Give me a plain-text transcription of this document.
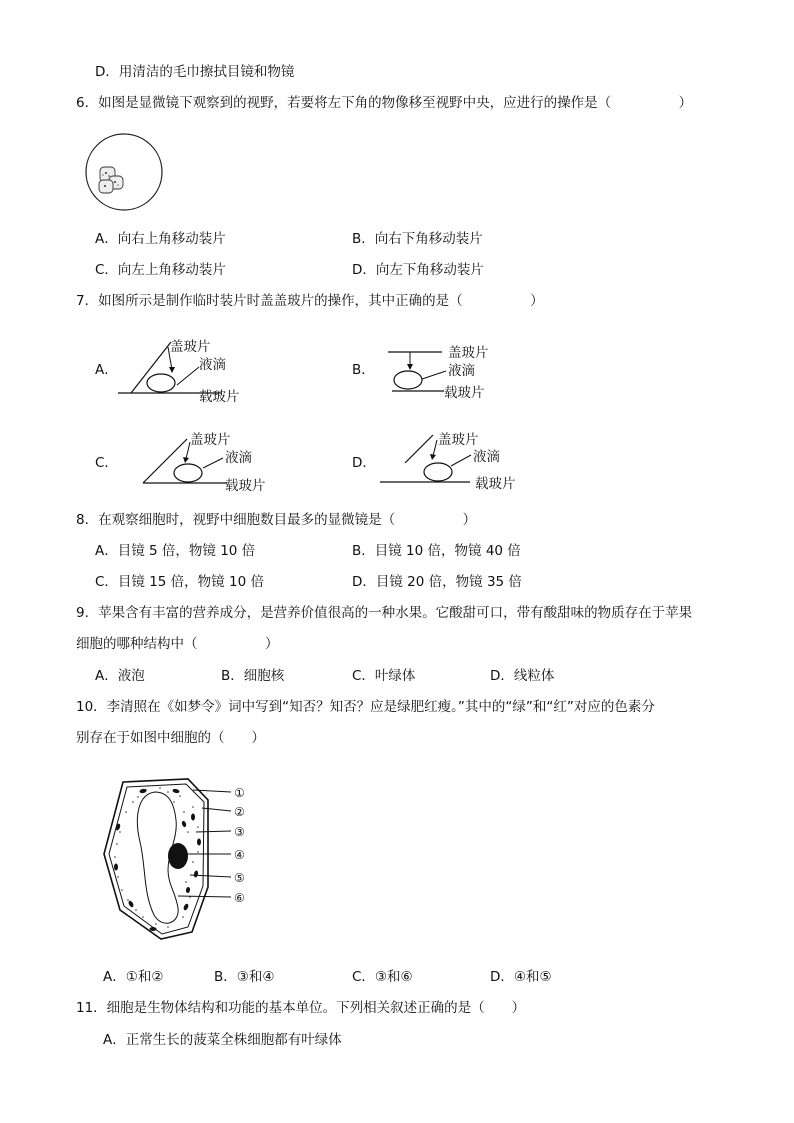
D．用清洁的毛巾擦拭目镜和物镜
6．如图是显微镜下观察到的视野，若要将左下角的物像移至视野中央，应进行的操作是（　　　　　）
A．向右上角移动装片	B．向右下角移动装片
C．向左上角移动装片	D．向左下角移动装片
7．如图所示是制作临时装片时盖盖玻片的操作，其中正确的是（　　　　　）
A．
盖玻片
液滴
载玻片
B．
盖玻片
液滴
载玻片
C．
盖玻片
液滴
载玻片
D．
盖玻片
液滴
载玻片
8．在观察细胞时，视野中细胞数目最多的显微镜是（　　　　　）
A．目镜 5 倍，物镜 10 倍	B．目镜 10 倍，物镜 40 倍
C．目镜 15 倍，物镜 10 倍	D．目镜 20 倍，物镜 35 倍
9．苹果含有丰富的营养成分，是营养价值很高的一种水果。它酸甜可口，带有酸甜味的物质存在于苹果
细胞的哪种结构中（　　　　　）
A．液泡	B．细胞核	C．叶绿体	D．线粒体
10．李清照在《如梦令》词中写到“知否？知否？应是绿肥红瘦。”其中的“绿”和“红”对应的色素分
别存在于如图中细胞的（　　）
①
②
③
④
⑤
⑥
A．①和②	B．③和④	C．③和⑥	D．④和⑤
11．细胞是生物体结构和功能的基本单位。下列相关叙述正确的是（　　）
A．正常生长的菠菜全株细胞都有叶绿体
